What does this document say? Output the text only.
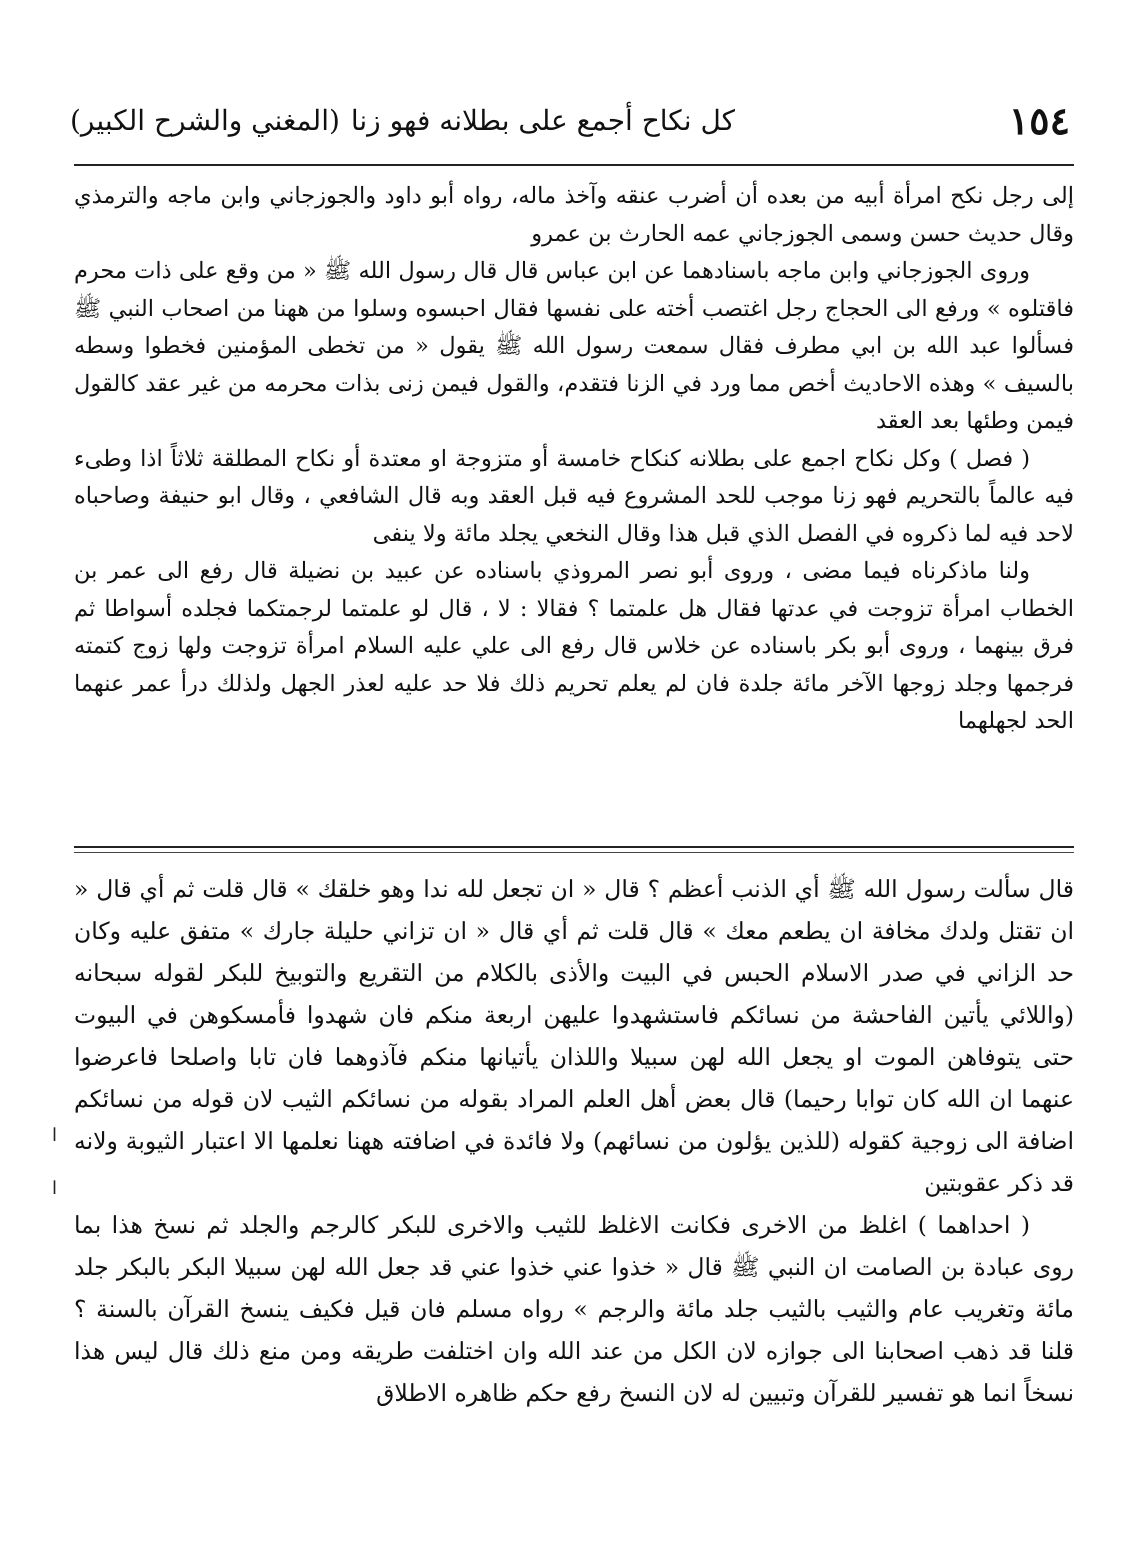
١٥٤
كل نكاح أجمع على بطلانه فهو زنا
(المغني والشرح الكبير)

إلى رجل نكح امرأة أبيه من بعده أن أضرب عنقه وآخذ ماله، رواه أبو داود والجوزجاني وابن ماجه والترمذي وقال حديث حسن وسمى الجوزجاني عمه الحارث بن عمرو

وروى الجوزجاني وابن ماجه باسنادهما عن ابن عباس قال قال رسول الله ﷺ « من وقع على ذات محرم فاقتلوه » ورفع الى الحجاج رجل اغتصب أخته على نفسها فقال احبسوه وسلوا من ههنا من اصحاب النبي ﷺ فسألوا عبد الله بن ابي مطرف فقال سمعت رسول الله ﷺ يقول « من تخطى المؤمنين فخطوا وسطه بالسيف » وهذه الاحاديث أخص مما ورد في الزنا فتقدم، والقول فيمن زنى بذات محرمه من غير عقد كالقول فيمن وطئها بعد العقد

( فصل ) وكل نكاح اجمع على بطلانه كنكاح خامسة أو متزوجة او معتدة أو نكاح المطلقة ثلاثاً اذا وطىء فيه عالماً بالتحريم فهو زنا موجب للحد المشروع فيه قبل العقد وبه قال الشافعي ، وقال ابو حنيفة وصاحباه لاحد فيه لما ذكروه في الفصل الذي قبل هذا وقال النخعي يجلد مائة ولا ينفى

ولنا ماذكرناه فيما مضى ، وروى أبو نصر المروذي باسناده عن عبيد بن نضيلة قال رفع الى عمر بن الخطاب امرأة تزوجت في عدتها فقال هل علمتما ؟ فقالا : لا ، قال لو علمتما لرجمتكما فجلده أسواطا ثم فرق بينهما ، وروى أبو بكر باسناده عن خلاس قال رفع الى علي عليه السلام امرأة تزوجت ولها زوج كتمته فرجمها وجلد زوجها الآخر مائة جلدة فان لم يعلم تحريم ذلك فلا حد عليه لعذر الجهل ولذلك درأ عمر عنهما الحد لجهلهما

قال سألت رسول الله ﷺ أي الذنب أعظم ؟ قال « ان تجعل لله ندا وهو خلقك » قال قلت ثم أي قال « ان تقتل ولدك مخافة ان يطعم معك » قال قلت ثم أي قال « ان تزاني حليلة جارك » متفق عليه وكان حد الزاني في صدر الاسلام الحبس في البيت والأذى بالكلام من التقريع والتوبيخ للبكر لقوله سبحانه (واللائي يأتين الفاحشة من نسائكم فاستشهدوا عليهن اربعة منكم فان شهدوا فأمسكوهن في البيوت حتى يتوفاهن الموت او يجعل الله لهن سبيلا واللذان يأتيانها منكم فآذوهما فان تابا واصلحا فاعرضوا عنهما ان الله كان توابا رحيما) قال بعض أهل العلم المراد بقوله من نسائكم الثيب لان قوله من نسائكم اضافة الى زوجية كقوله (للذين يؤلون من نسائهم) ولا فائدة في اضافته ههنا نعلمها الا اعتبار الثيوبة ولانه قد ذكر عقوبتين

( احداهما ) اغلظ من الاخرى فكانت الاغلظ للثيب والاخرى للبكر كالرجم والجلد ثم نسخ هذا بما روى عبادة بن الصامت ان النبي ﷺ قال « خذوا عني خذوا عني قد جعل الله لهن سبيلا البكر بالبكر جلد مائة وتغريب عام والثيب بالثيب جلد مائة والرجم » رواه مسلم فان قيل فكيف ينسخ القرآن بالسنة ؟ قلنا قد ذهب اصحابنا الى جوازه لان الكل من عند الله وان اختلفت طريقه ومن منع ذلك قال ليس هذا نسخاً انما هو تفسير للقرآن وتبيين له لان النسخ رفع حكم ظاهره الاطلاق

ا
ا
